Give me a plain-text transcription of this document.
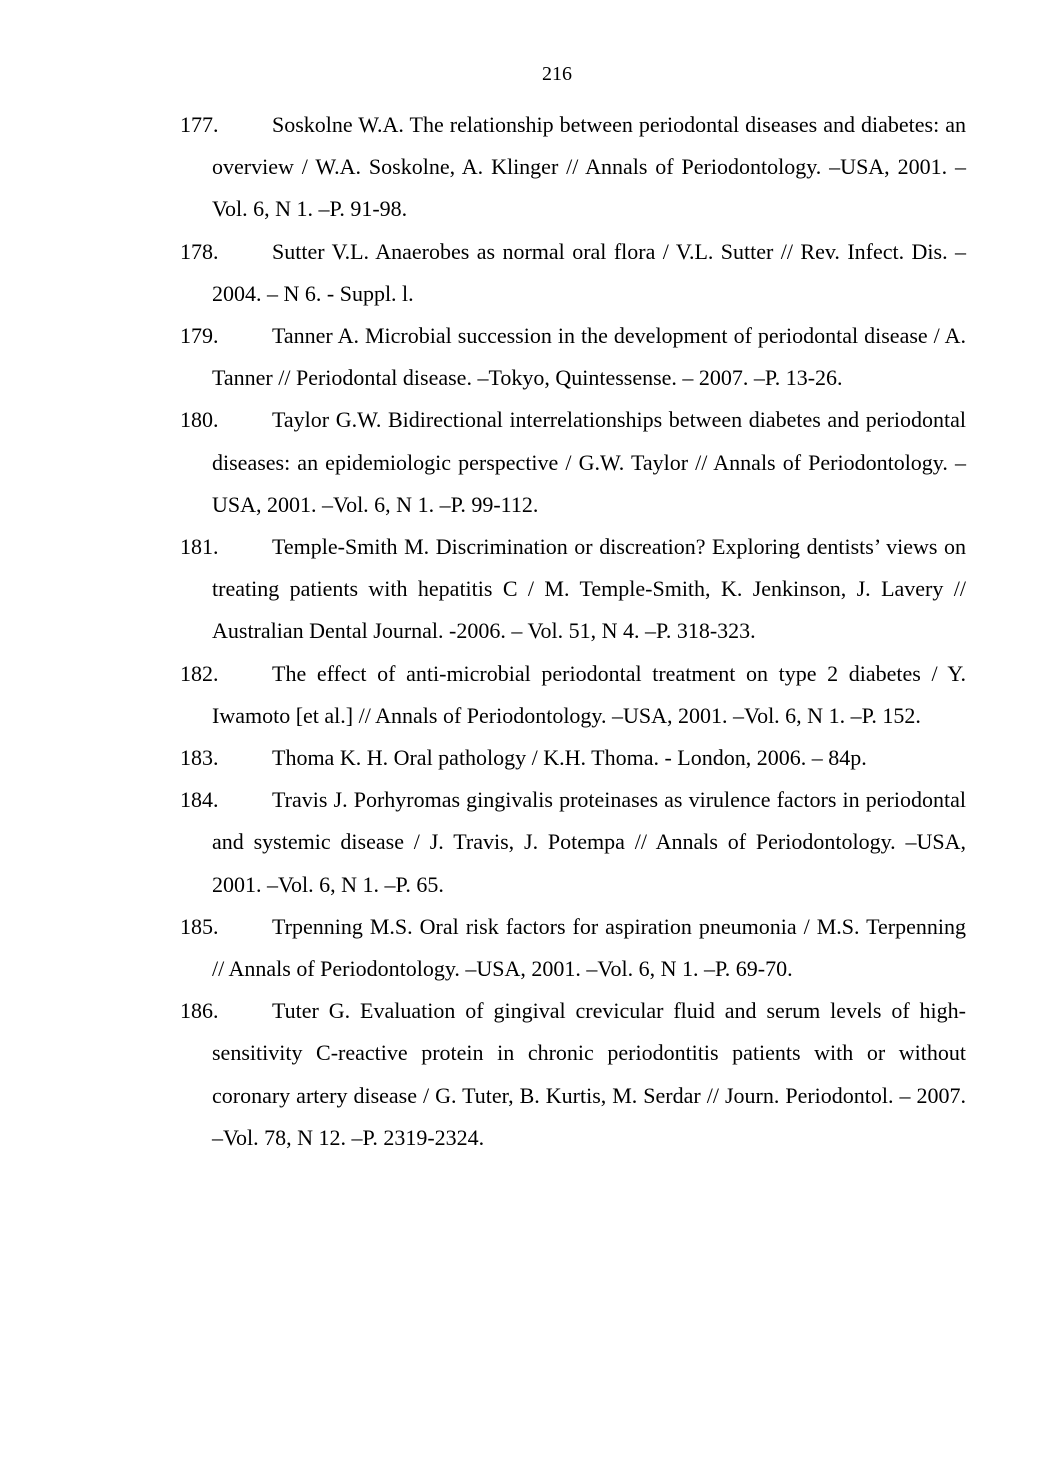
216
177. Soskolne W.A. The relationship between periodontal diseases and diabetes: an overview / W.A. Soskolne, A. Klinger // Annals of Periodontology. –USA, 2001. –Vol. 6, N 1. –P. 91-98.
178. Sutter V.L. Anaerobes as normal oral flora / V.L. Sutter // Rev. Infect. Dis. – 2004. – N 6. - Suppl. l.
179. Tanner A. Microbial succession in the development of periodontal disease / A. Tanner // Periodontal disease. –Tokyo, Quintessense. – 2007. –P. 13-26.
180. Taylor G.W. Bidirectional interrelationships between diabetes and periodontal diseases: an epidemiologic perspective / G.W. Taylor // Annals of Periodontology. –USA, 2001. –Vol. 6, N 1. –P. 99-112.
181. Temple-Smith M. Discrimination or discreation? Exploring dentists’ views on treating patients with hepatitis C / M. Temple-Smith, K. Jenkinson, J. Lavery // Australian Dental Journal. -2006. – Vol. 51, N 4. –P. 318-323.
182. The effect of anti-microbial periodontal treatment on type 2 diabetes / Y. Iwamoto [et al.] // Annals of Periodontology. –USA, 2001. –Vol. 6, N 1. –P. 152.
183. Thoma K. H. Oral pathology / K.H. Thoma. - London, 2006. – 84p.
184. Travis J. Porhyromas gingivalis proteinases as virulence factors in periodontal and systemic disease / J. Travis, J. Potempa // Annals of Periodontology. –USA, 2001. –Vol. 6, N 1. –P. 65.
185. Trpenning M.S. Oral risk factors for aspiration pneumonia / M.S. Terpenning // Annals of Periodontology. –USA, 2001. –Vol. 6, N 1. –P. 69-70.
186. Tuter G. Evaluation of gingival crevicular fluid and serum levels of high-sensitivity C-reactive protein in chronic periodontitis patients with or without coronary artery disease / G. Tuter, B. Kurtis, M. Serdar // Journ. Periodontol. – 2007. –Vol. 78, N 12. –P. 2319-2324.
